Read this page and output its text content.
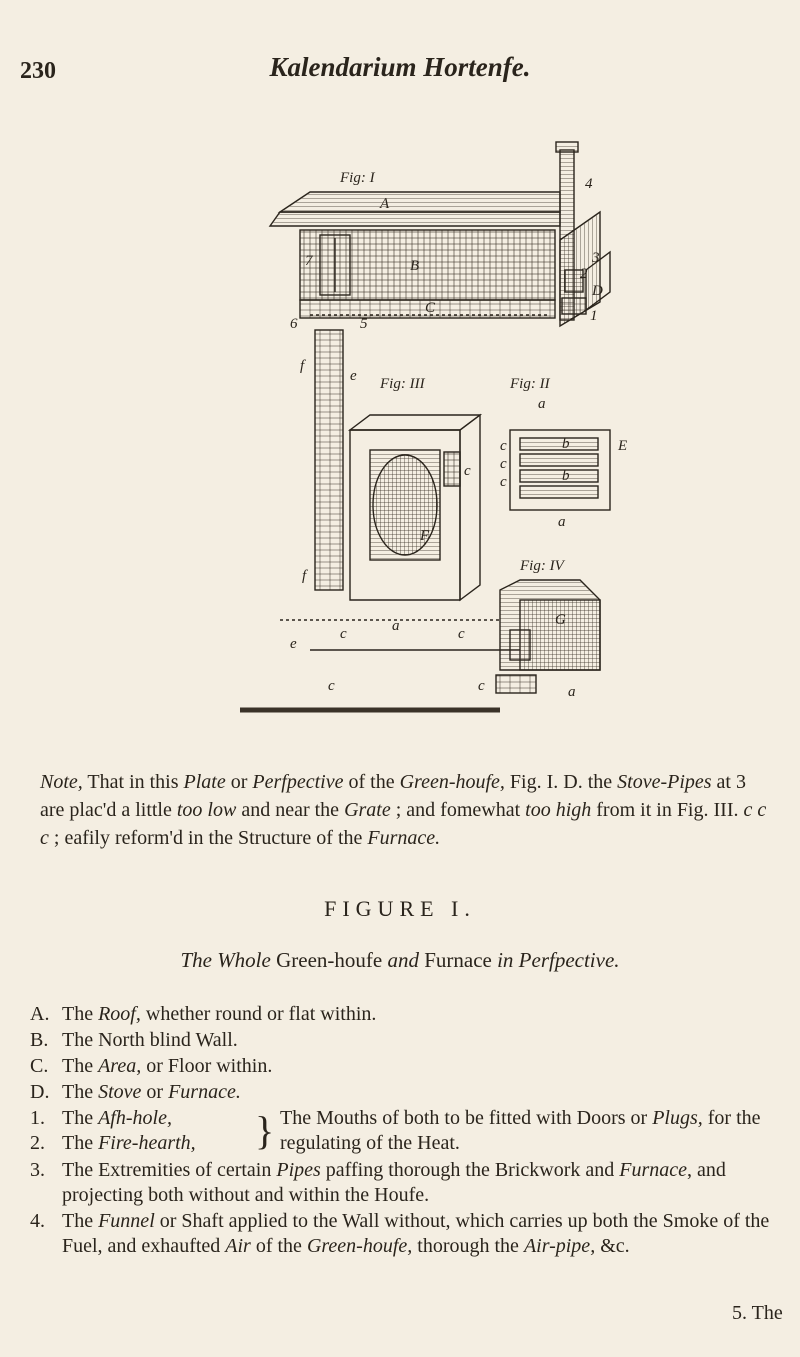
230	Kalendarium Hortenfe.
Fig: I
A
B
C
D
1
2
3
4
5
6
7
Fig: III
f
f
e
c
F
a
e
c	c
c	c
Fig: II
a
c
c
c
b
b
E
a
Fig: IV
G
a
Note, That in this Plate or Perfpective of the Green-houfe, Fig. I. D. the Stove-Pipes at 3 are plac'd a little too low and near the Grate ; and fomewhat too high from it in Fig. III. c c c ; eafily reform'd in the Structure of the Furnace.
FIGURE I.
The Whole Green-houfe and Furnace in Perfpective.
A. The Roof, whether round or flat within.
B. The North blind Wall.
C. The Area, or Floor within.
D. The Stove or Furnace.
1. The Afh-hole,
2. The Fire-hearth,	} The Mouths of both to be fitted with Doors or Plugs, for the regulating of the Heat.
3. The Extremities of certain Pipes paffing thorough the Brickwork and Furnace, and projecting both without and within the Houfe.
4. The Funnel or Shaft applied to the Wall without, which carries up both the Smoke of the Fuel, and exhaufted Air of the Green-houfe, thorough the Air-pipe, &c.
5. The
